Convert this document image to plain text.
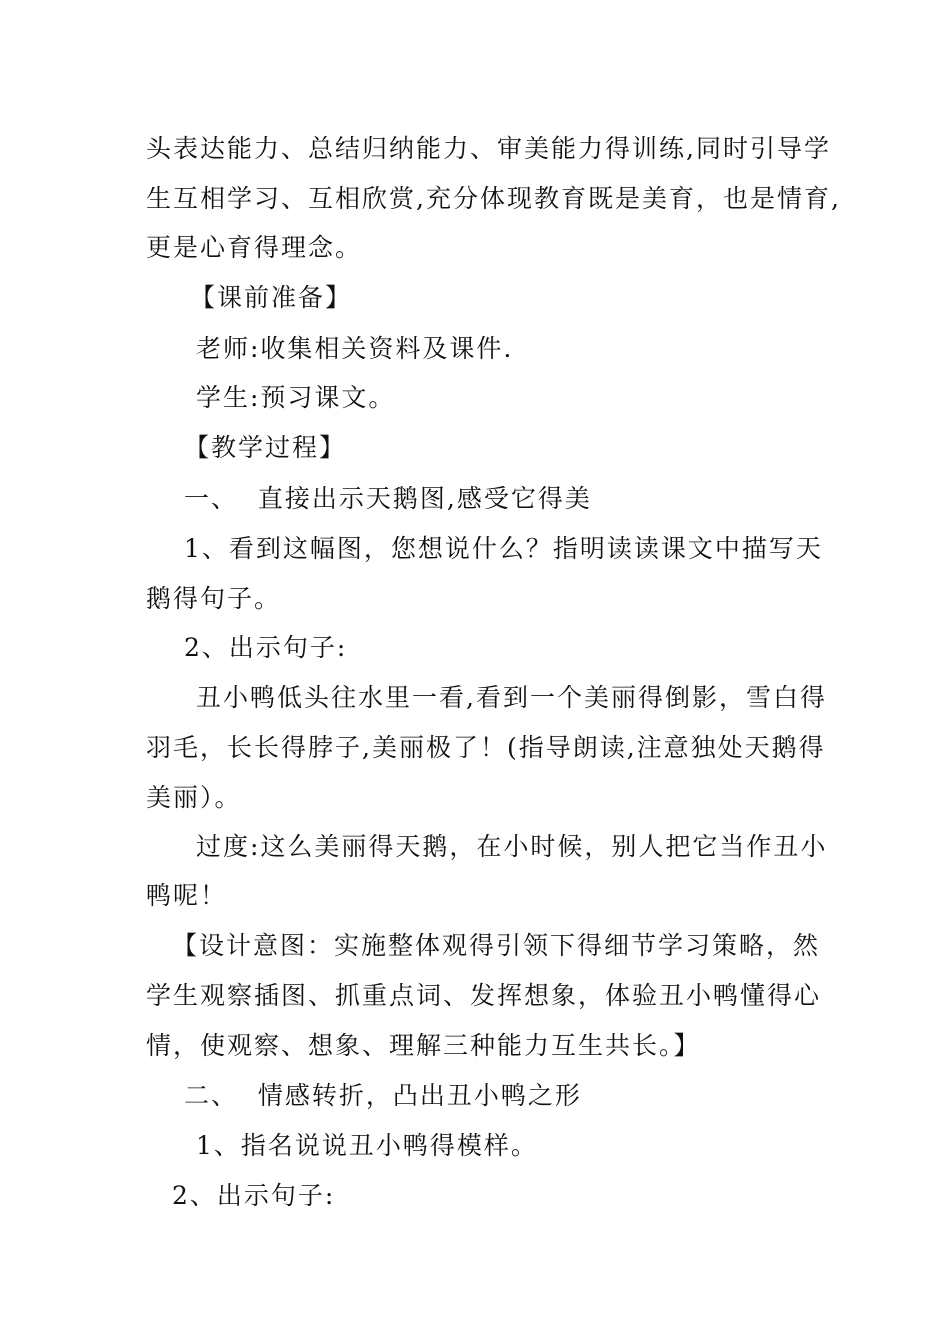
头表达能力、总结归纳能力、审美能力得训练,同时引导学
生互相学习、互相欣赏,充分体现教育既是美育，也是情育,
更是心育得理念。
【课前准备】
老师:收集相关资料及课件.
学生:预习课文。
【教学过程】
一、  直接出示天鹅图,感受它得美
1、看到这幅图，您想说什么？指明读读课文中描写天
鹅得句子。
2、出示句子:
丑小鸭低头往水里一看,看到一个美丽得倒影，雪白得
羽毛，长长得脖子,美丽极了！(指导朗读,注意独处天鹅得
美丽）。
过度:这么美丽得天鹅，在小时候，别人把它当作丑小
鸭呢！
【设计意图：实施整体观得引领下得细节学习策略，然
学生观察插图、抓重点词、发挥想象，体验丑小鸭懂得心
情，使观察、想象、理解三种能力互生共长。】
二、  情感转折，凸出丑小鸭之形
1、指名说说丑小鸭得模样。
2、出示句子:
